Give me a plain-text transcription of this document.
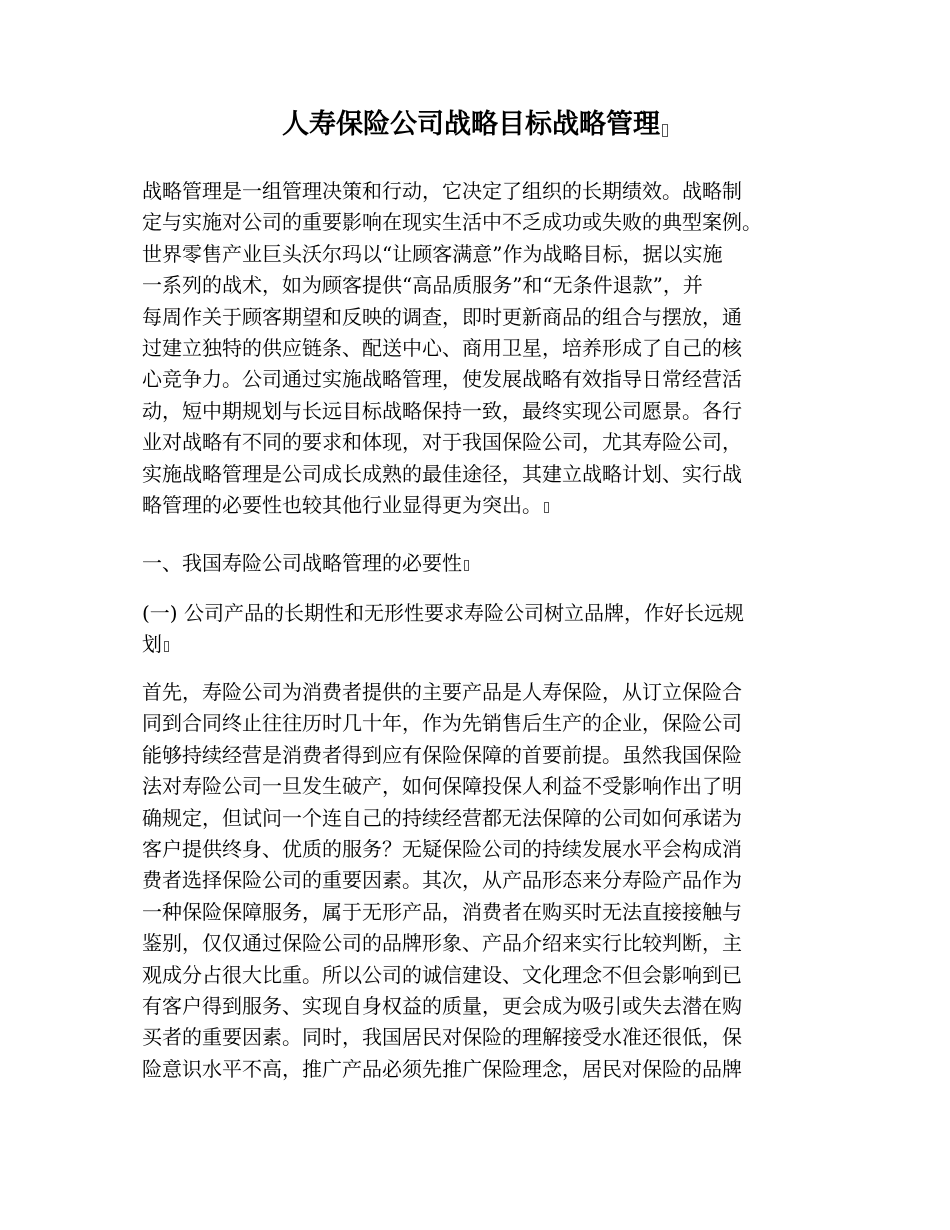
人寿保险公司战略目标战略管理
战略管理是一组管理决策和行动，它决定了组织的长期绩效。战略制
定与实施对公司的重要影响在现实生活中不乏成功或失败的典型案例。
世界零售产业巨头沃尔玛以“让顾客满意”作为战略目标，据以实施
一系列的战术，如为顾客提供“高品质服务”和“无条件退款”，并
每周作关于顾客期望和反映的调查，即时更新商品的组合与摆放，通
过建立独特的供应链条、配送中心、商用卫星，培养形成了自己的核
心竞争力。公司通过实施战略管理，使发展战略有效指导日常经营活
动，短中期规划与长远目标战略保持一致，最终实现公司愿景。各行
业对战略有不同的要求和体现，对于我国保险公司，尤其寿险公司，
实施战略管理是公司成长成熟的最佳途径，其建立战略计划、实行战
略管理的必要性也较其他行业显得更为突出。
一、我国寿险公司战略管理的必要性
(一) 公司产品的长期性和无形性要求寿险公司树立品牌，作好长远规
划
首先，寿险公司为消费者提供的主要产品是人寿保险，从订立保险合
同到合同终止往往历时几十年，作为先销售后生产的企业，保险公司
能够持续经营是消费者得到应有保险保障的首要前提。虽然我国保险
法对寿险公司一旦发生破产，如何保障投保人利益不受影响作出了明
确规定，但试问一个连自己的持续经营都无法保障的公司如何承诺为
客户提供终身、优质的服务？无疑保险公司的持续发展水平会构成消
费者选择保险公司的重要因素。其次，从产品形态来分寿险产品作为
一种保险保障服务，属于无形产品，消费者在购买时无法直接接触与
鉴别，仅仅通过保险公司的品牌形象、产品介绍来实行比较判断，主
观成分占很大比重。所以公司的诚信建设、文化理念不但会影响到已
有客户得到服务、实现自身权益的质量，更会成为吸引或失去潜在购
买者的重要因素。同时，我国居民对保险的理解接受水准还很低，保
险意识水平不高，推广产品必须先推广保险理念，居民对保险的品牌
